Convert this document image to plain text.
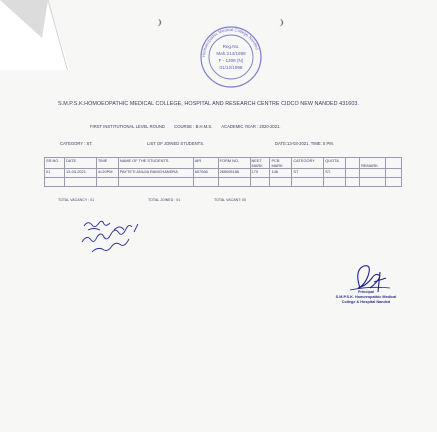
❩	❩
Homoeopathic Medical College Nanded
Reg.No.
Mah.214/1998
F - 1308 (N)
01/12/1998
S.M.P.S.K.HOMOEOPATHIC MEDICAL COLLEGE, HOSPITAL AND RESEARCH CENTRE CIDCO NEW NANDED 431603.
FIRST INSTITUTIONAL LEVEL ROUND COURSE : B.H.M.S. ACADEMIC YEAR : 2020-2021.
CATEGORY : ST.	LIST OF JOINED STUDENTS.	DATE:13-03-2021. TIME: 5 PM.
SR.NO.	DATE.	TIME	NAME OF THE STUDENTS.	AIR	FORM NO.	NEET MARK	PCB MARK	CATEGORY	QUOTA		REMARK.	
01	13-03-2021.	4=20PM	PAYTETI ANUJA RAMCHANDRA	607068	265005186	170	146	ST	ST.			

TOTAL VACANCY : 01	TOTAL JOINED : 01	TOTAL VACANT: 00
Principal
S.M.P.S.K. Homoeopathic Medical
College & Hospital Nanded
